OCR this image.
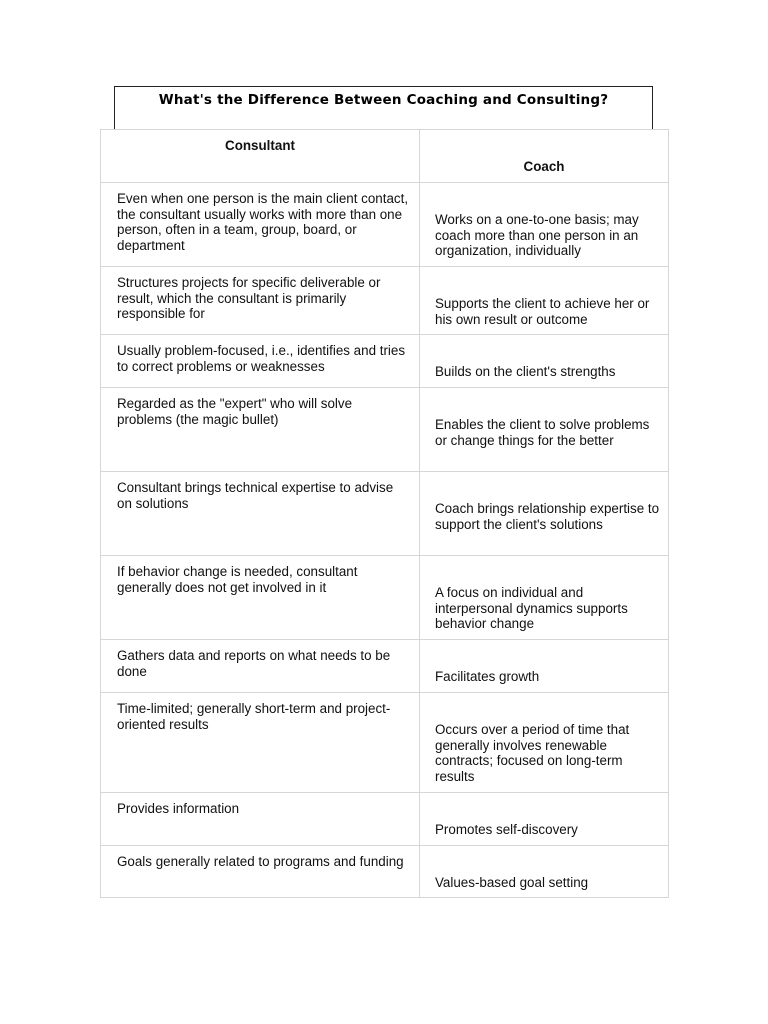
What's the Difference Between Coaching and Consulting?
Consultant	Coach

Even when one person is the main client contact, the consultant usually works with more than one person, often in a team, group, board, or department	Works on a one-to-one basis; may coach more than one person in an organization, individually

Structures projects for specific deliverable or result, which the consultant is primarily responsible for	Supports the client to achieve her or his own result or outcome

Usually problem-focused, i.e., identifies and tries to correct problems or weaknesses	Builds on the client's strengths

Regarded as the "expert" who will solve problems (the magic bullet)	Enables the client to solve problems or change things for the better

Consultant brings technical expertise to advise on solutions	Coach brings relationship expertise to support the client's solutions

If behavior change is needed, consultant generally does not get involved in it	A focus on individual and interpersonal dynamics supports behavior change

Gathers data and reports on what needs to be done	Facilitates growth

Time-limited; generally short-term and project-oriented results	Occurs over a period of time that generally involves renewable contracts; focused on long-term results

Provides information	Promotes self-discovery

Goals generally related to programs and funding	Values-based goal setting
